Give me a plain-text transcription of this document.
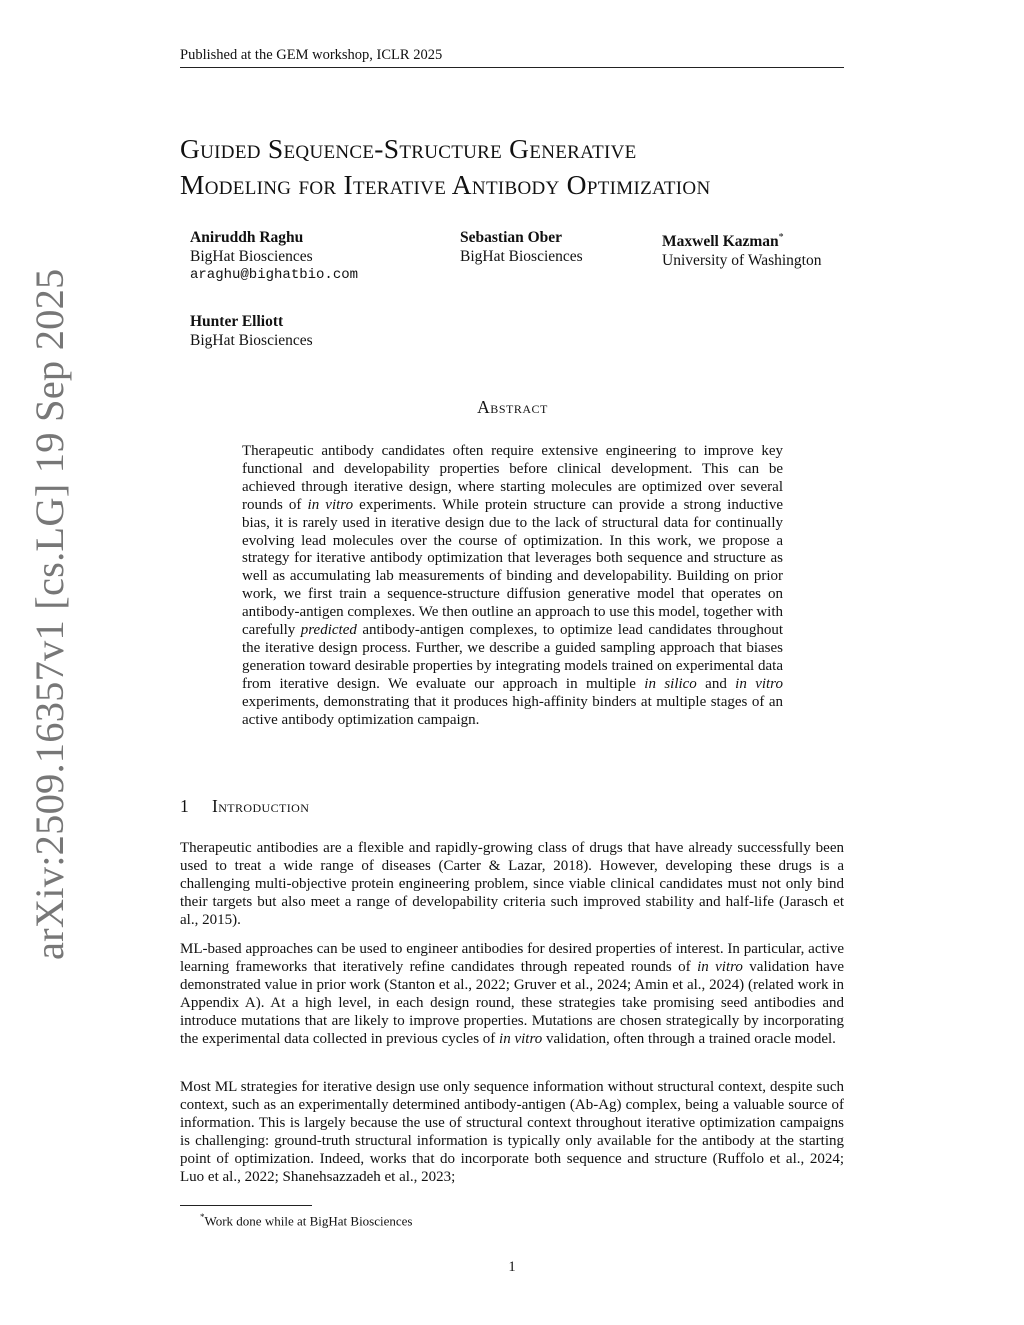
Published at the GEM workshop, ICLR 2025
Guided Sequence-Structure Generative
Modeling for Iterative Antibody Optimization
Aniruddh Raghu
BigHat Biosciences
araghu@bighatbio.com
Sebastian Ober
BigHat Biosciences
Maxwell Kazman*
University of Washington
Hunter Elliott
BigHat Biosciences
arXiv:2509.16357v1 [cs.LG] 19 Sep 2025	Abstract
Therapeutic antibody candidates often require extensive engineering to improve key functional and developability properties before clinical development. This can be achieved through iterative design, where starting molecules are optimized over several rounds of in vitro experiments. While protein structure can provide a strong inductive bias, it is rarely used in iterative design due to the lack of structural data for continually evolving lead molecules over the course of optimization. In this work, we propose a strategy for iterative antibody optimization that leverages both sequence and structure as well as accumulating lab measurements of binding and developability. Building on prior work, we first train a sequence-structure diffusion generative model that operates on antibody-antigen complexes. We then outline an approach to use this model, together with carefully predicted antibody-antigen complexes, to optimize lead candidates throughout the iterative design process. Further, we describe a guided sampling approach that biases generation toward desirable properties by integrating models trained on experimental data from iterative design. We evaluate our approach in multiple in silico and in vitro experiments, demonstrating that it produces high-affinity binders at multiple stages of an active antibody optimization campaign.
1 Introduction

Therapeutic antibodies are a flexible and rapidly-growing class of drugs that have already successfully been used to treat a wide range of diseases (Carter & Lazar, 2018). However, developing these drugs is a challenging multi-objective protein engineering problem, since viable clinical candidates must not only bind their targets but also meet a range of developability criteria such improved stability and half-life (Jarasch et al., 2015).

ML-based approaches can be used to engineer antibodies for desired properties of interest. In particular, active learning frameworks that iteratively refine candidates through repeated rounds of in vitro validation have demonstrated value in prior work (Stanton et al., 2022; Gruver et al., 2024; Amin et al., 2024) (related work in Appendix A). At a high level, in each design round, these strategies take promising seed antibodies and introduce mutations that are likely to improve properties. Mutations are chosen strategically by incorporating the experimental data collected in previous cycles of in vitro validation, often through a trained oracle model.

Most ML strategies for iterative design use only sequence information without structural context, despite such context, such as an experimentally determined antibody-antigen (Ab-Ag) complex, being a valuable source of information. This is largely because the use of structural context throughout iterative optimization campaigns is challenging: ground-truth structural information is typically only available for the antibody at the starting point of optimization. Indeed, works that do incorporate both sequence and structure (Ruffolo et al., 2024; Luo et al., 2022; Shanehsazzadeh et al., 2023;

*Work done while at BigHat Biosciences
1
